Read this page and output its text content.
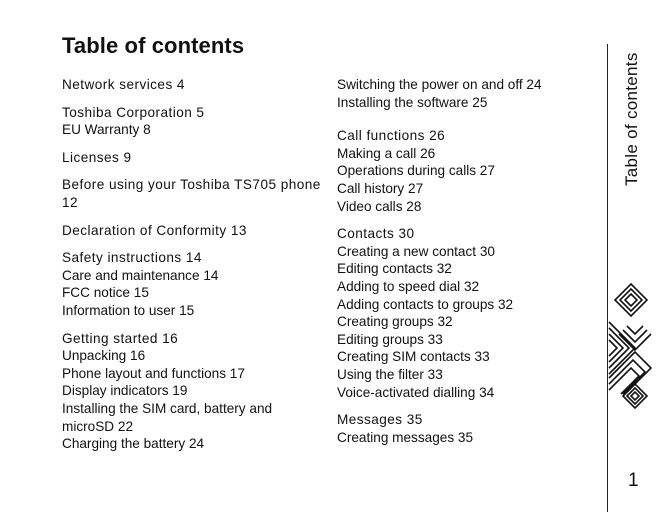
Table of contents
Network services 4
Toshiba Corporation 5
EU Warranty 8
Licenses 9
Before using your Toshiba TS705 phone 12
Declaration of Conformity 13
Safety instructions 14
Care and maintenance 14
FCC notice 15
Information to user 15
Getting started 16
Unpacking 16
Phone layout and functions 17
Display indicators 19
Installing the SIM card, battery and microSD 22
Charging the battery 24
Switching the power on and off 24
Installing the software 25
Call functions 26
Making a call 26
Operations during calls 27
Call history 27
Video calls 28
Contacts 30
Creating a new contact 30
Editing contacts 32
Adding to speed dial 32
Adding contacts to groups 32
Creating groups 32
Editing groups 33
Creating SIM contacts 33
Using the filter 33
Voice-activated dialling 34
Messages 35
Creating messages 35
Table of contents
1
